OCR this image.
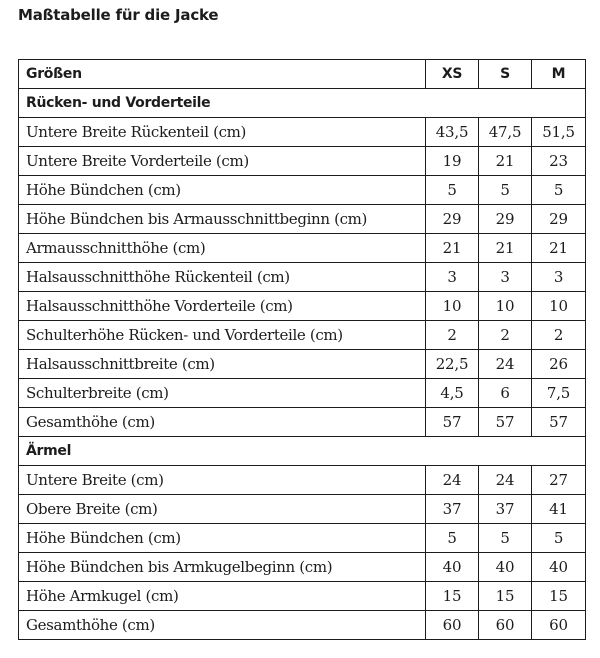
Maßtabelle für die Jacke
Größen	XS	S	M
Rücken- und Vorderteile			
Untere Breite Rückenteil (cm)	43,5	47,5	51,5
Untere Breite Vorderteile (cm)	19	21	23
Höhe Bündchen (cm)	5	5	5
Höhe Bündchen bis Armausschnittbeginn (cm)	29	29	29
Armausschnitthöhe (cm)	21	21	21
Halsausschnitthöhe Rückenteil (cm)	3	3	3
Halsausschnitthöhe Vorderteile (cm)	10	10	10
Schulterhöhe Rücken- und Vorderteile (cm)	2	2	2
Halsausschnittbreite (cm)	22,5	24	26
Schulterbreite (cm)	4,5	6	7,5
Gesamthöhe (cm)	57	57	57
Ärmel			
Untere Breite (cm)	24	24	27
Obere Breite (cm)	37	37	41
Höhe Bündchen (cm)	5	5	5
Höhe Bündchen bis Armkugelbeginn (cm)	40	40	40
Höhe Armkugel (cm)	15	15	15
Gesamthöhe (cm)	60	60	60
